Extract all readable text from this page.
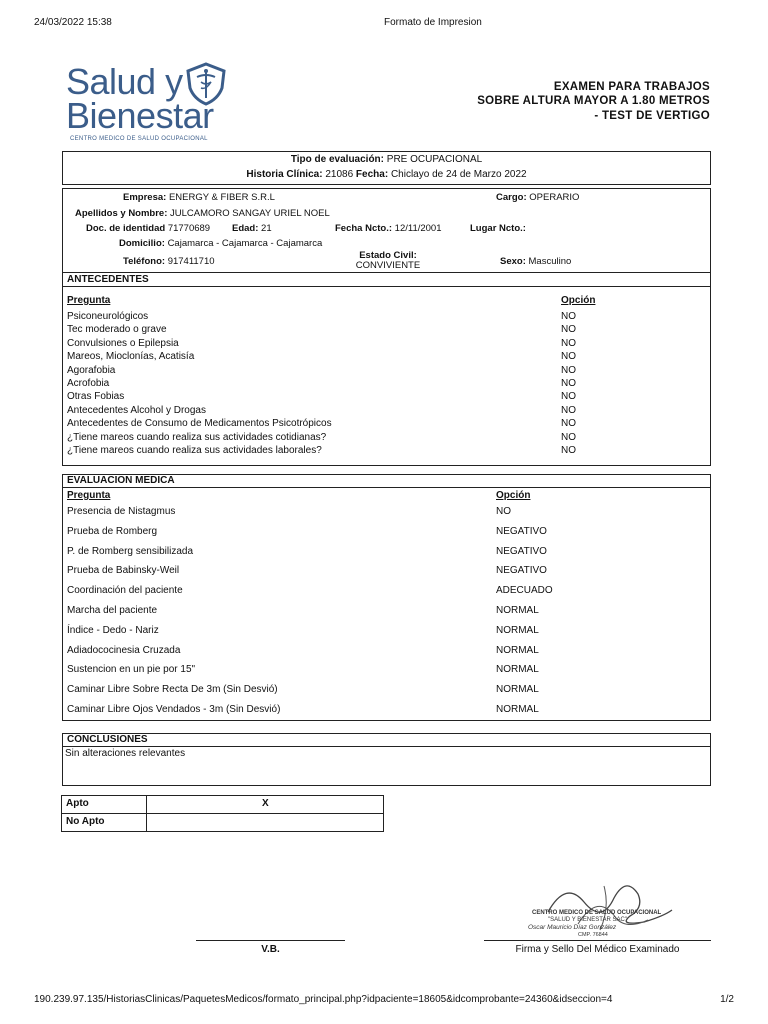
24/03/2022 15:38	Formato de Impresion
Salud y
Bienestar
CENTRO MEDICO DE SALUD OCUPACIONAL
EXAMEN PARA TRABAJOS
SOBRE ALTURA MAYOR A 1.80 METROS
- TEST DE VERTIGO
Tipo de evaluación: PRE OCUPACIONAL
Historia Clínica: 21086 Fecha: Chiclayo de 24 de Marzo 2022
Empresa: ENERGY & FIBER S.R.L	Cargo: OPERARIO
Apellidos y Nombre: JULCAMORO SANGAY URIEL NOEL
Doc. de identidad 71770689 Edad: 21	Fecha Ncto.: 12/11/2001	Lugar Ncto.:
Domicilio: Cajamarca - Cajamarca - Cajamarca
Teléfono: 917411710
Estado Civil:
CONVIVIENTE	Sexo: Masculino
ANTECEDENTES
Pregunta	Opción
Psiconeurológicos	NO
Tec moderado o grave	NO
Convulsiones o Epilepsia	NO
Mareos, Mioclonías, Acatisía	NO
Agorafobia	NO
Acrofobia	NO
Otras Fobias	NO
Antecedentes Alcohol y Drogas	NO
Antecedentes de Consumo de Medicamentos Psicotrópicos	NO
¿Tiene mareos cuando realiza sus actividades cotidianas?	NO
¿Tiene mareos cuando realiza sus actividades laborales?	NO
EVALUACION MEDICA
Pregunta	Opción
Presencia de Nistagmus	NO
Prueba de Romberg	NEGATIVO
P. de Romberg sensibilizada	NEGATIVO
Prueba de Babinsky-Weil	NEGATIVO
Coordinación del paciente	ADECUADO
Marcha del paciente	NORMAL
Índice - Dedo - Nariz	NORMAL
Adiadococinesia Cruzada	NORMAL
Sustencion en un pie por 15"	NORMAL
Caminar Libre Sobre Recta De 3m (Sin Desvió)	NORMAL
Caminar Libre Ojos Vendados - 3m (Sin Desvió)	NORMAL
CONCLUSIONES
Sin alteraciones relevantes
Apto	X
No Apto
CENTRO MEDICO DE SALUD OCUPACIONAL
"SALUD Y BIENESTAR SAC"
Oscar Mauricio Díaz González
CMP. 76844
V.B.	Firma y Sello Del Médico Examinado
190.239.97.135/HistoriasClinicas/PaquetesMedicos/formato_principal.php?idpaciente=18605&idcomprobante=24360&idseccion=4	1/2
